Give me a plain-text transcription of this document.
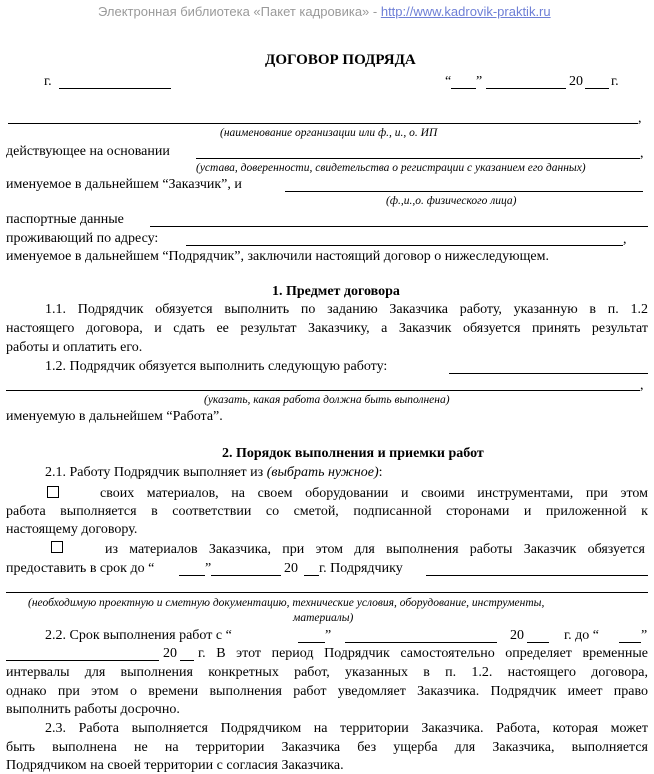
Электронная библиотека «Пакет кадровика» - http://www.kadrovik-praktik.ru
ДОГОВОР ПОДРЯДА
г.	“ ”	20 г.
,
(наименование организации или ф., и., о. ИП
действующее на основании	,
(устава, доверенности, свидетельства о регистрации с указанием его данных)
именуемое в дальнейшем “Заказчик”, и
(ф.,и.,о. физического лица)
паспортные данные
проживающий по адресу:	,
именуемое в дальнейшем “Подрядчик”, заключили настоящий договор о нижеследующем.
1. Предмет договора
1.1. Подрядчик обязуется выполнить по заданию Заказчика работу, указанную в п. 1.2
настоящего договора, и сдать ее результат Заказчику, а Заказчик обязуется принять результат
работы и оплатить его.
1.2. Подрядчик обязуется выполнить следующую работу:
,
(указать, какая работа должна быть выполнена)
именуемую в дальнейшем “Работа”.
2. Порядок выполнения и приемки работ
2.1. Работу Подрядчик выполняет из (выбрать нужное):
своих материалов, на своем оборудовании и своими инструментами, при этом
работа выполняется в соответствии со сметой, подписанной сторонами и приложенной к
настоящему договору.
из материалов Заказчика, при этом для выполнения работы Заказчик обязуется
предоставить в срок до “	”	20 г. Подрядчику
(необходимую проектную и сметную документацию, технические условия, оборудование, инструменты,
материалы)
2.2. Срок выполнения работ с “	”	20	г. до “	”
20 г. В этот период Подрядчик самостоятельно определяет временные
интервалы для выполнения конкретных работ, указанных в п. 1.2. настоящего договора,
однако при этом о времени выполнения работ уведомляет Заказчика. Подрядчик имеет право
выполнить работы досрочно.
2.3. Работа выполняется Подрядчиком на территории Заказчика. Работа, которая может
быть выполнена не на территории Заказчика без ущерба для Заказчика, выполняется
Подрядчиком на своей территории с согласия Заказчика.
